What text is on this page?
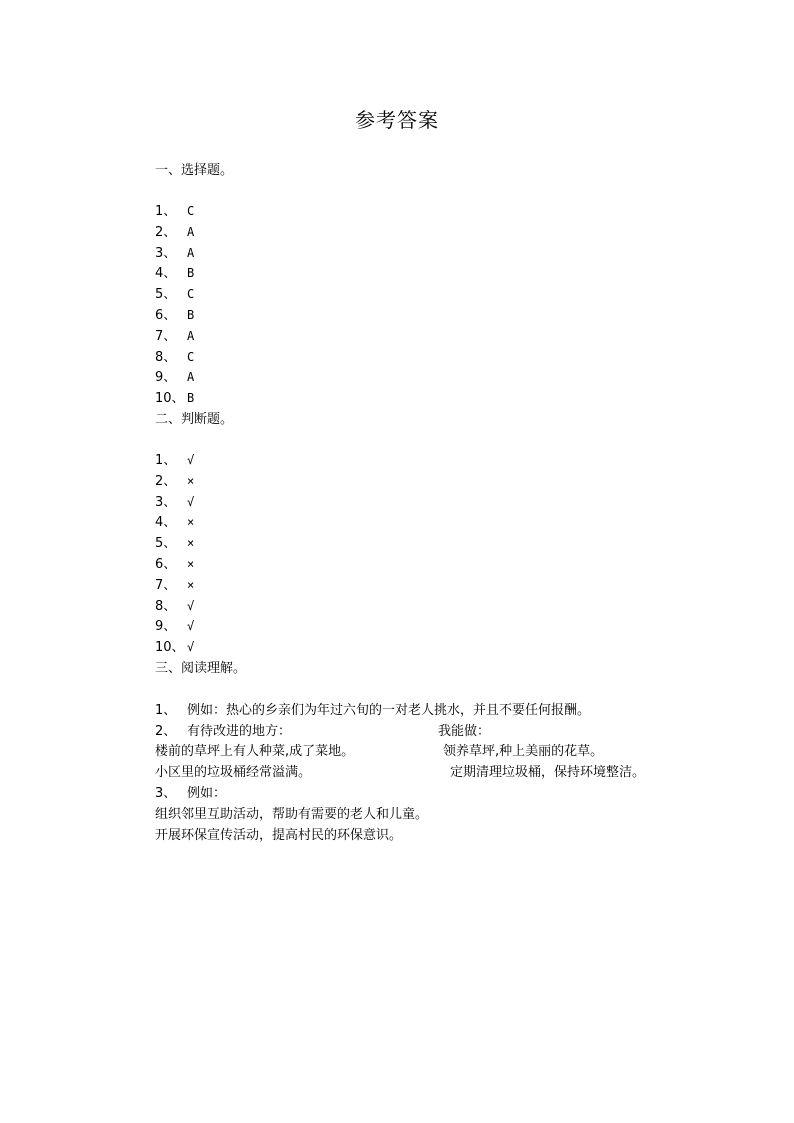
参考答案
一、选择题。
1、 C
2、 A
3、 A
4、 B
5、 C
6、 B
7、 A
8、 C
9、 A
10、 B
二、判断题。
1、 √
2、 ×
3、 √
4、 ×
5、 ×
6、 ×
7、 ×
8、 √
9、 √
10、 √
三、阅读理解。
1、 例如：热心的乡亲们为年过六旬的一对老人挑水，并且不要任何报酬。
2、 有待改进的地方：	我能做：
楼前的草坪上有人种菜,成了菜地。	领养草坪,种上美丽的花草。
小区里的垃圾桶经常溢满。	定期清理垃圾桶，保持环境整洁。
3、 例如：
组织邻里互助活动，帮助有需要的老人和儿童。
开展环保宣传活动，提高村民的环保意识。
